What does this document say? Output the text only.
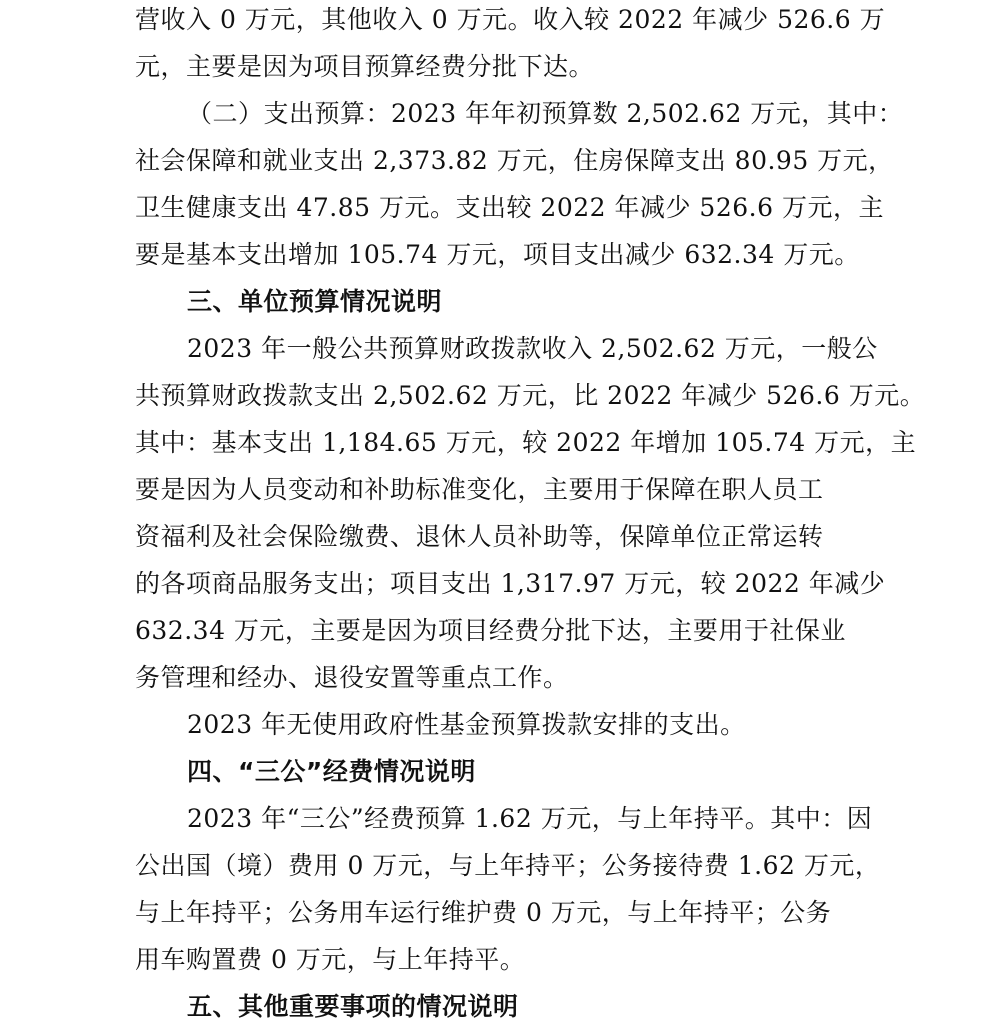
营收入 0 万元，其他收入 0 万元。收入较 2022 年减少 526.6 万
元，主要是因为项目预算经费分批下达。
（二）支出预算：2023 年年初预算数 2,502.62 万元，其中：
社会保障和就业支出 2,373.82 万元，住房保障支出 80.95 万元，
卫生健康支出 47.85 万元。支出较 2022 年减少 526.6 万元，主
要是基本支出增加 105.74 万元，项目支出减少 632.34 万元。
三、单位预算情况说明
2023 年一般公共预算财政拨款收入 2,502.62 万元，一般公
共预算财政拨款支出 2,502.62 万元，比 2022 年减少 526.6 万元。
其中：基本支出 1,184.65 万元，较 2022 年增加 105.74 万元，主
要是因为人员变动和补助标准变化，主要用于保障在职人员工
资福利及社会保险缴费、退休人员补助等，保障单位正常运转
的各项商品服务支出；项目支出 1,317.97 万元，较 2022 年减少
632.34 万元，主要是因为项目经费分批下达，主要用于社保业
务管理和经办、退役安置等重点工作。
2023 年无使用政府性基金预算拨款安排的支出。
四、“三公”经费情况说明
2023 年“三公”经费预算 1.62 万元，与上年持平。其中：因
公出国（境）费用 0 万元，与上年持平；公务接待费 1.62 万元，
与上年持平；公务用车运行维护费 0 万元，与上年持平；公务
用车购置费 0 万元，与上年持平。
五、其他重要事项的情况说明
